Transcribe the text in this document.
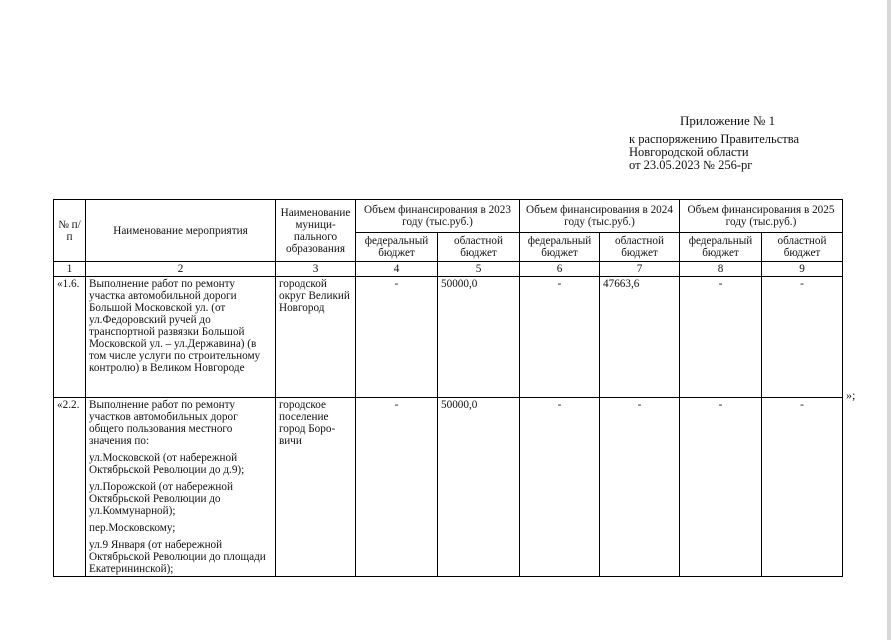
Приложение № 1
к распоряжению Правительства
Новгородской области
от 23.05.2023 № 256-рг
№ п/п	Наименование мероприятия	Наименование муниципального образования	Объем финансирования в 2023 году (тыс.руб.)		Объем финансирования в 2024 году (тыс.руб.)		Объем финансирования в 2025 году (тыс.руб.)	
			федеральный бюджет	областной бюджет	федеральный бюджет	областной бюджет	федеральный бюджет	областной бюджет
1	2	3	4	5	6	7	8	9
«1.6.	Выполнение работ по ремонту участка автомобильной дороги Большой Московской ул. (от ул.Федоровский ручей до транспортной развязки Большой Московской ул. – ул.Державина) (в том числе услуги по строительному контролю) в Великом Новгороде	городской округ Великий Новгород	-	50000,0	-	47663,6	-	-
«2.2.	Выполнение работ по ремонту участков автомобильных дорог общего пользования местного значения по:

ул.Московской (от набережной Октябрьской Революции до д.9);

ул.Порожской (от набережной Октябрьской Революции до ул.Коммунарной);

пер.Московскому;

ул.9 Января (от набережной Октябрьской Революции до площади Екатерининской);	городское поселение город Боровичи	-	50000,0	-	-	-	-
»;
